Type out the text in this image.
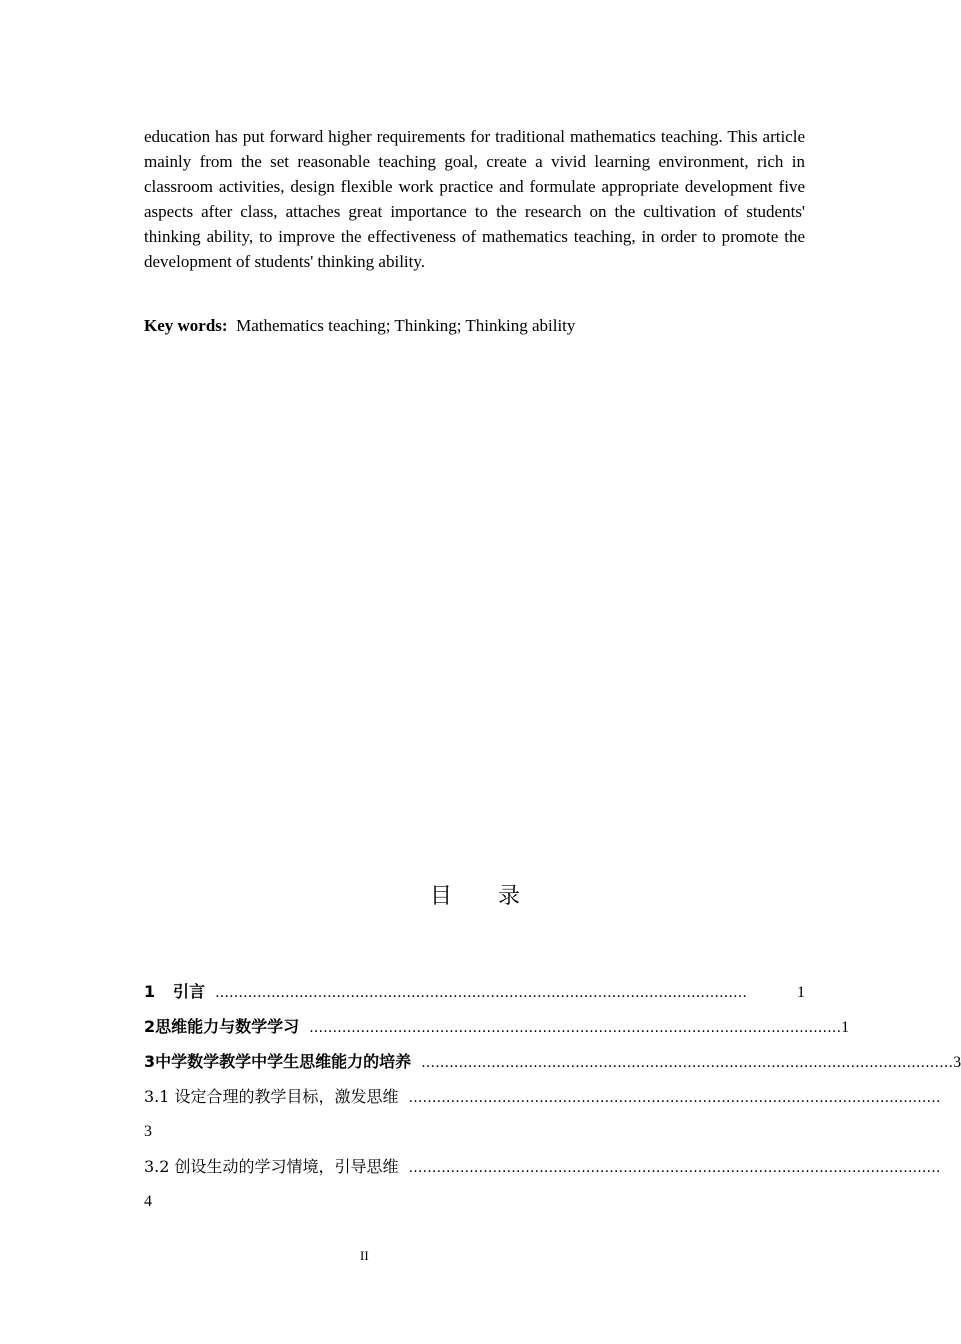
education has put forward higher requirements for traditional mathematics teaching. This article mainly from the set reasonable teaching goal, create a vivid learning environment, rich in classroom activities, design flexible work practice and formulate appropriate development five aspects after class, attaches great importance to the research on the cultivation of students' thinking ability, to improve the effectiveness of mathematics teaching, in order to promote the development of students' thinking ability.

Key words: Mathematics teaching; Thinking; Thinking ability
目 录
1	引言 ……………………………………………………………………………………………………	1
2 思维能力与数学学习 …………………………………………………………………………………………………… 1
3 中学数学教学中学生思维能力的培养 …………………………………………………………………………………………………… 3
3.1 设定合理的教学目标，激发思维 ……………………………………………………………………………………………………
3
3.2 创设生动的学习情境，引导思维 ……………………………………………………………………………………………………
4
II
